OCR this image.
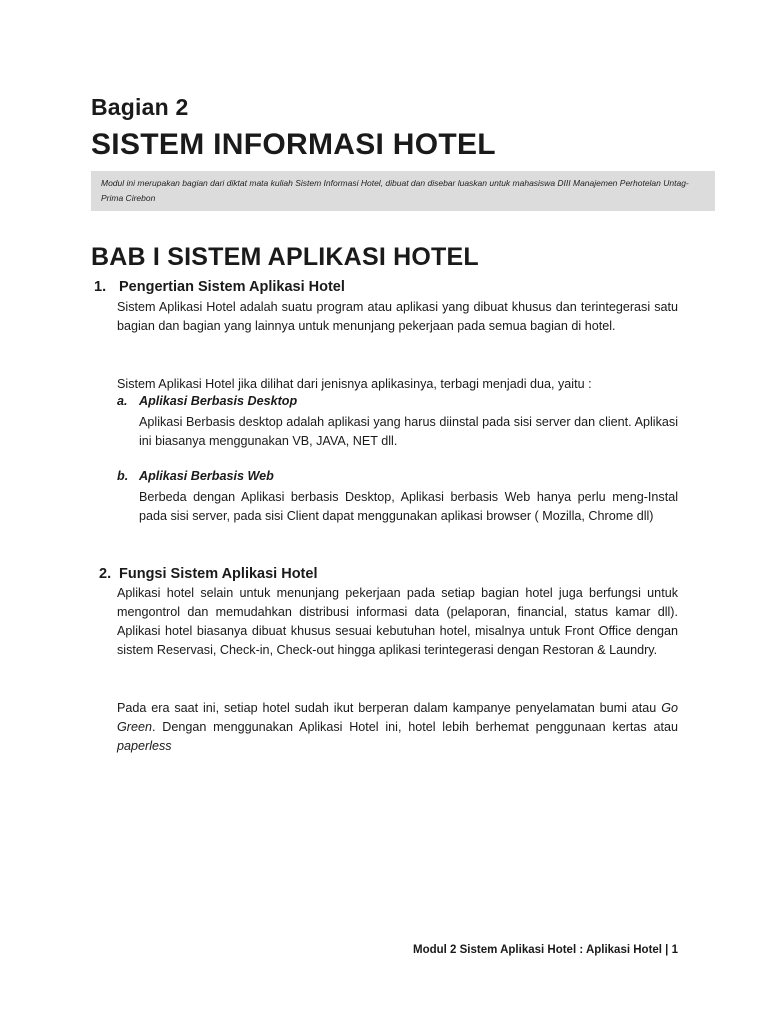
Bagian 2
SISTEM INFORMASI HOTEL
Modul ini merupakan bagian dari diktat mata kuliah Sistem Informasi Hotel, dibuat dan disebar luaskan untuk mahasiswa DIII Manajemen Perhotelan Untag-Prima Cirebon
BAB I SISTEM APLIKASI HOTEL
1. Pengertian Sistem Aplikasi Hotel

Sistem Aplikasi Hotel adalah suatu program atau aplikasi yang dibuat khusus dan terintegerasi satu bagian dan bagian yang lainnya untuk menunjang pekerjaan pada semua bagian di hotel.

Sistem Aplikasi Hotel jika dilihat dari jenisnya aplikasinya, terbagi menjadi dua, yaitu :

a. Aplikasi Berbasis Desktop

Aplikasi Berbasis desktop adalah aplikasi yang harus diinstal pada sisi server dan client. Aplikasi ini biasanya menggunakan VB, JAVA, NET dll.

b. Aplikasi Berbasis Web

Berbeda dengan Aplikasi berbasis Desktop, Aplikasi berbasis Web hanya perlu meng-Instal pada sisi server, pada sisi Client dapat menggunakan aplikasi browser ( Mozilla, Chrome dll)

2. Fungsi Sistem Aplikasi Hotel

Aplikasi hotel selain untuk menunjang pekerjaan pada setiap bagian hotel juga berfungsi untuk mengontrol dan memudahkan distribusi informasi data (pelaporan, financial, status kamar dll). Aplikasi hotel biasanya dibuat khusus sesuai kebutuhan hotel, misalnya untuk Front Office dengan sistem Reservasi, Check-in, Check-out hingga aplikasi terintegerasi dengan Restoran & Laundry.

Pada era saat ini, setiap hotel sudah ikut berperan dalam kampanye penyelamatan bumi atau Go Green. Dengan menggunakan Aplikasi Hotel ini, hotel lebih berhemat penggunaan kertas atau paperless

Modul 2 Sistem Aplikasi Hotel : Aplikasi Hotel | 1
